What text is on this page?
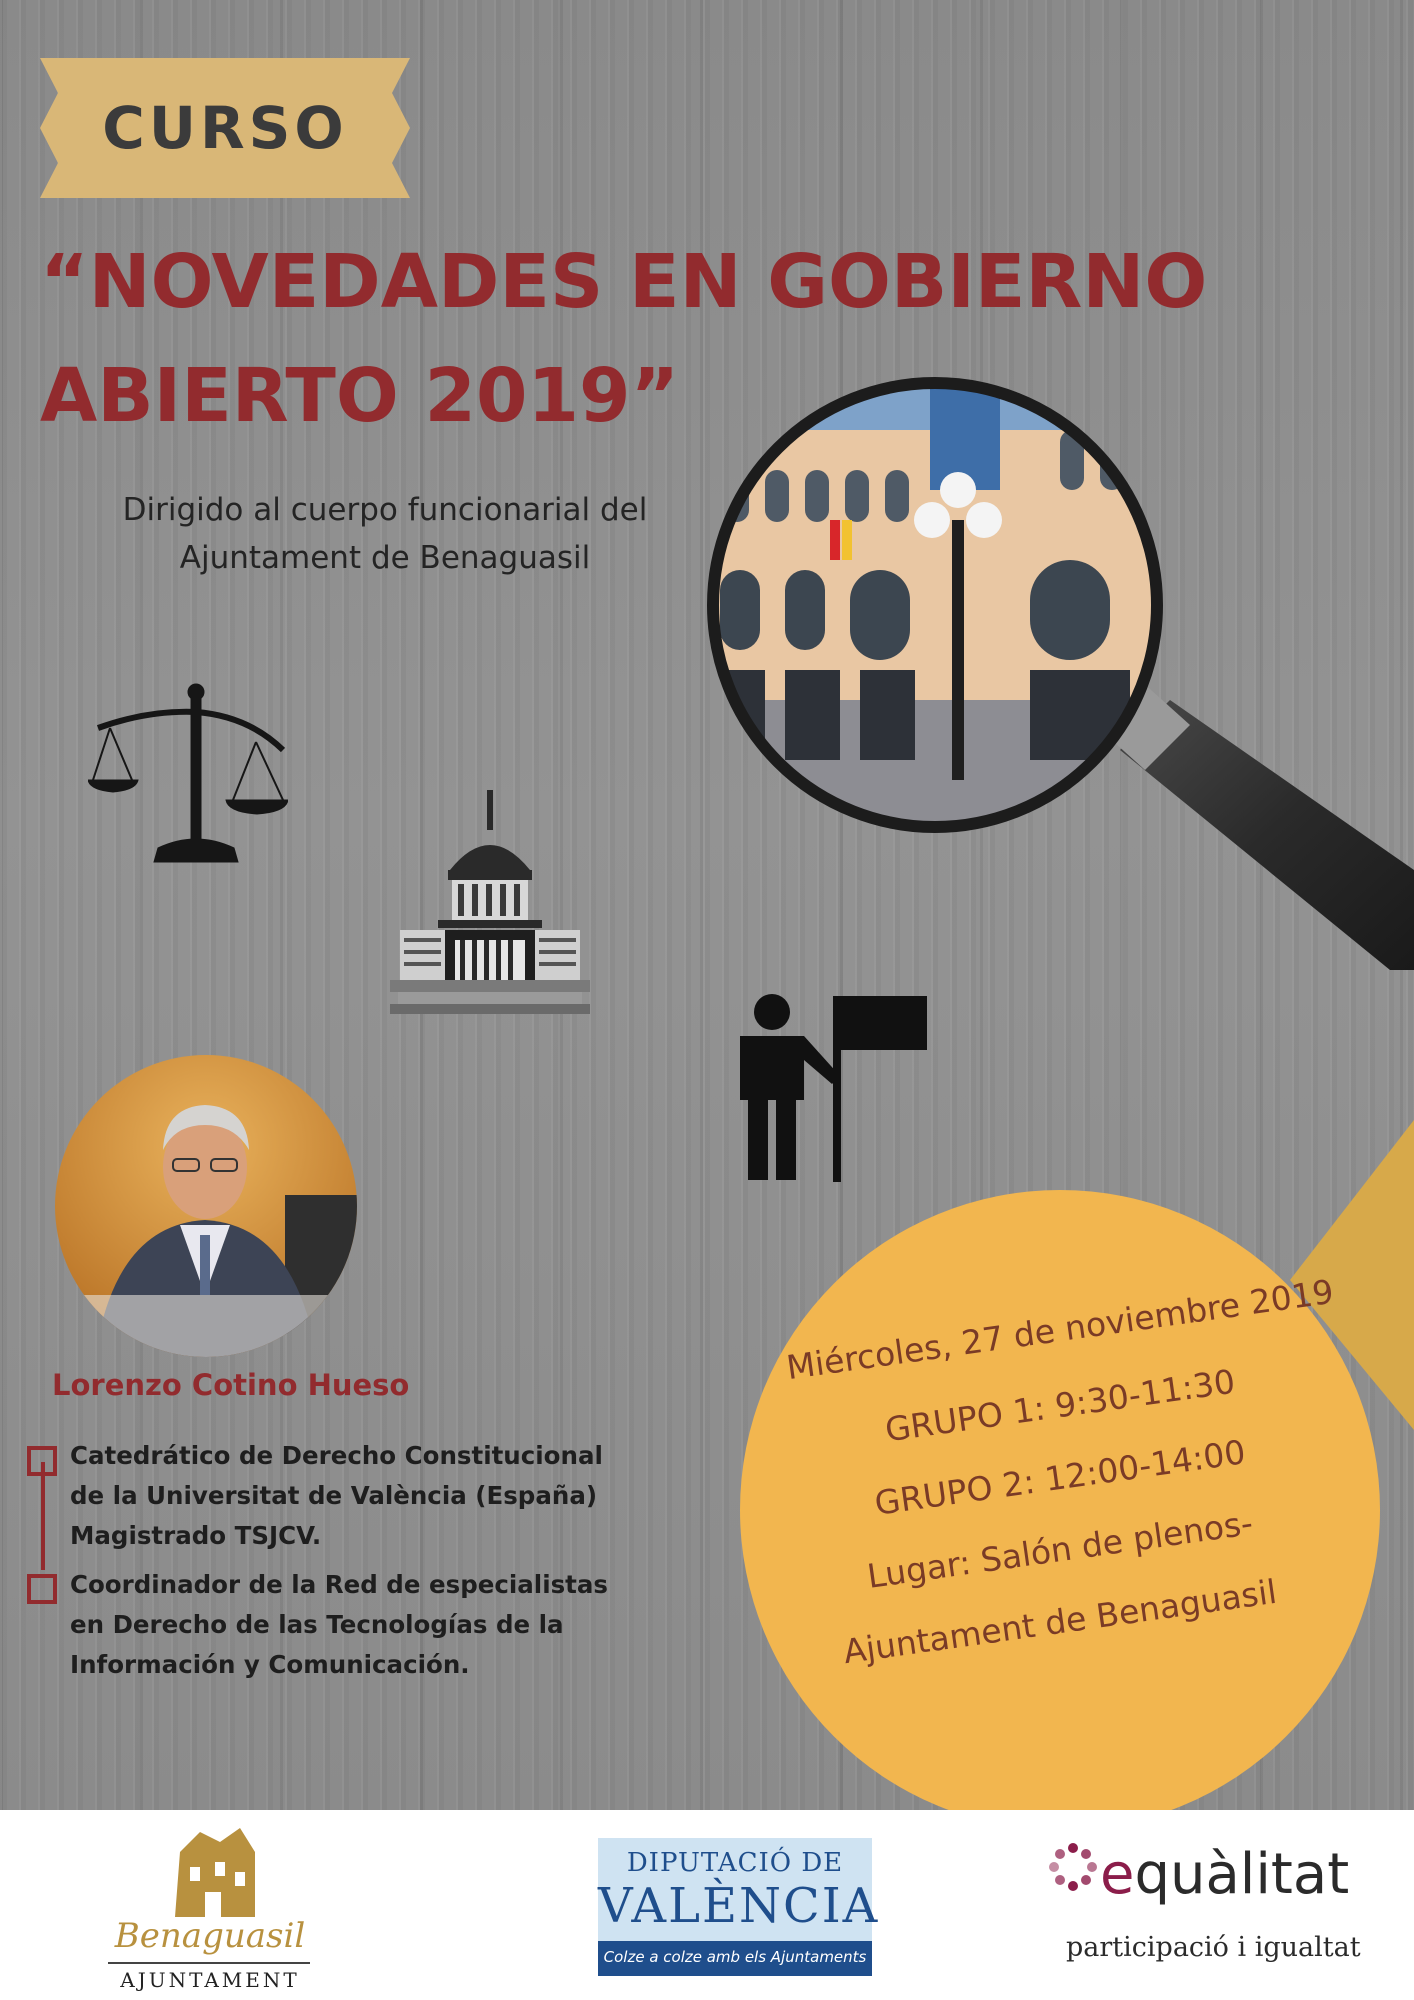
CURSO
“NOVEDADES EN GOBIERNO
ABIERTO 2019”
Dirigido al cuerpo funcionarial del
Ajuntament de Benaguasil
Lorenzo Cotino Hueso
Catedrático de Derecho Constitucional
de la Universitat de València (España)
Magistrado TSJCV.
Coordinador de la Red de especialistas
en Derecho de las Tecnologías de la
Información y Comunicación.
Miércoles, 27 de noviembre 2019
GRUPO 1: 9:30-11:30
GRUPO 2: 12:00-14:00
Lugar: Salón de plenos-
Ajuntament de Benaguasil
Benaguasil
AJUNTAMENT
DIPUTACIÓ DE
VALÈNCIA
Colze a colze amb els Ajuntaments
equàlitat
participació i igualtat
